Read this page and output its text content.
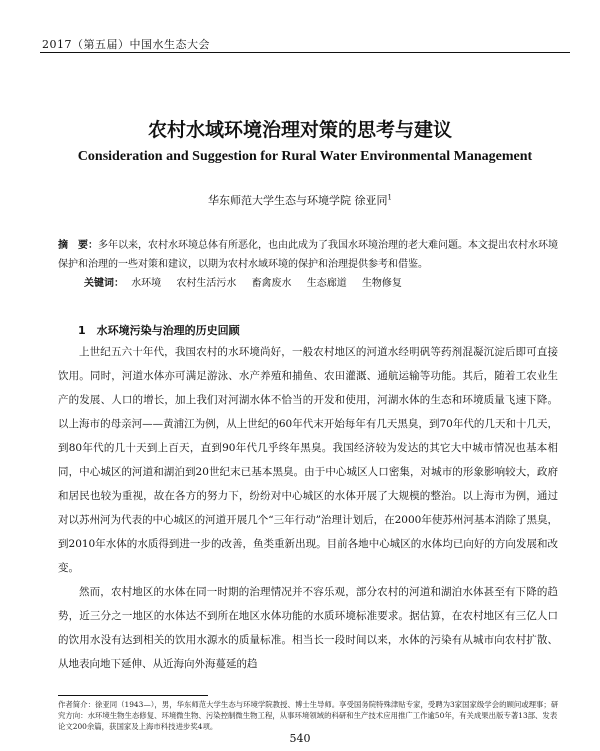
2017（第五届）中国水生态大会
农村水域环境治理对策的思考与建议
Consideration and Suggestion for Rural Water Environmental Management
华东师范大学生态与环境学院 徐亚同$^1$
摘　要：多年以来，农村水环境总体有所恶化，也由此成为了我国水环境治理的老大难问题。本文提出农村水环境保护和治理的一些对策和建议，以期为农村水域环境的保护和治理提供参考和借鉴。
关键词： 水环境 农村生活污水 畜禽废水 生态廊道 生物修复
1　水环境污染与治理的历史回顾

上世纪五六十年代，我国农村的水环境尚好，一般农村地区的河道水经明矾等药剂混凝沉淀后即可直接饮用。同时，河道水体亦可满足游泳、水产养殖和捕鱼、农田灌溉、通航运输等功能。其后，随着工农业生产的发展、人口的增长，加上我们对河湖水体不恰当的开发和使用，河湖水体的生态和环境质量飞速下降。以上海市的母亲河——黄浦江为例，从上世纪的60年代末开始每年有几天黑臭，到70年代的几天和十几天，到80年代的几十天到上百天，直到90年代几乎终年黑臭。我国经济较为发达的其它大中城市情况也基本相同，中心城区的河道和湖泊到20世纪末已基本黑臭。由于中心城区人口密集，对城市的形象影响较大，政府和居民也较为重视，故在各方的努力下，纷纷对中心城区的水体开展了大规模的整治。以上海市为例，通过对以苏州河为代表的中心城区的河道开展几个“三年行动”治理计划后，在2000年使苏州河基本消除了黑臭，到2010年水体的水质得到进一步的改善，鱼类重新出现。目前各地中心城区的水体均已向好的方向发展和改变。

然而，农村地区的水体在同一时期的治理情况并不容乐观，部分农村的河道和湖泊水体甚至有下降的趋势，近三分之一地区的水体达不到所在地区水体功能的水质环境标准要求。据估算，在农村地区有三亿人口的饮用水没有达到相关的饮用水源水的质量标准。相当长一段时间以来，水体的污染有从城市向农村扩散、从地表向地下延伸、从近海向外海蔓延的趋

作者简介：徐亚同（1943—），男，华东师范大学生态与环境学院教授、博士生导师。享受国务院特殊津贴专家，受聘为3家国家级学会的顾问或理事；研究方向：水环境生物生态修复、环境微生物、污染控制微生物工程，从事环境领域的科研和生产技术应用推广工作逾50年，有关成果出版专著13部、发表论文200余篇，获国家及上海市科技进步奖4项。
540
